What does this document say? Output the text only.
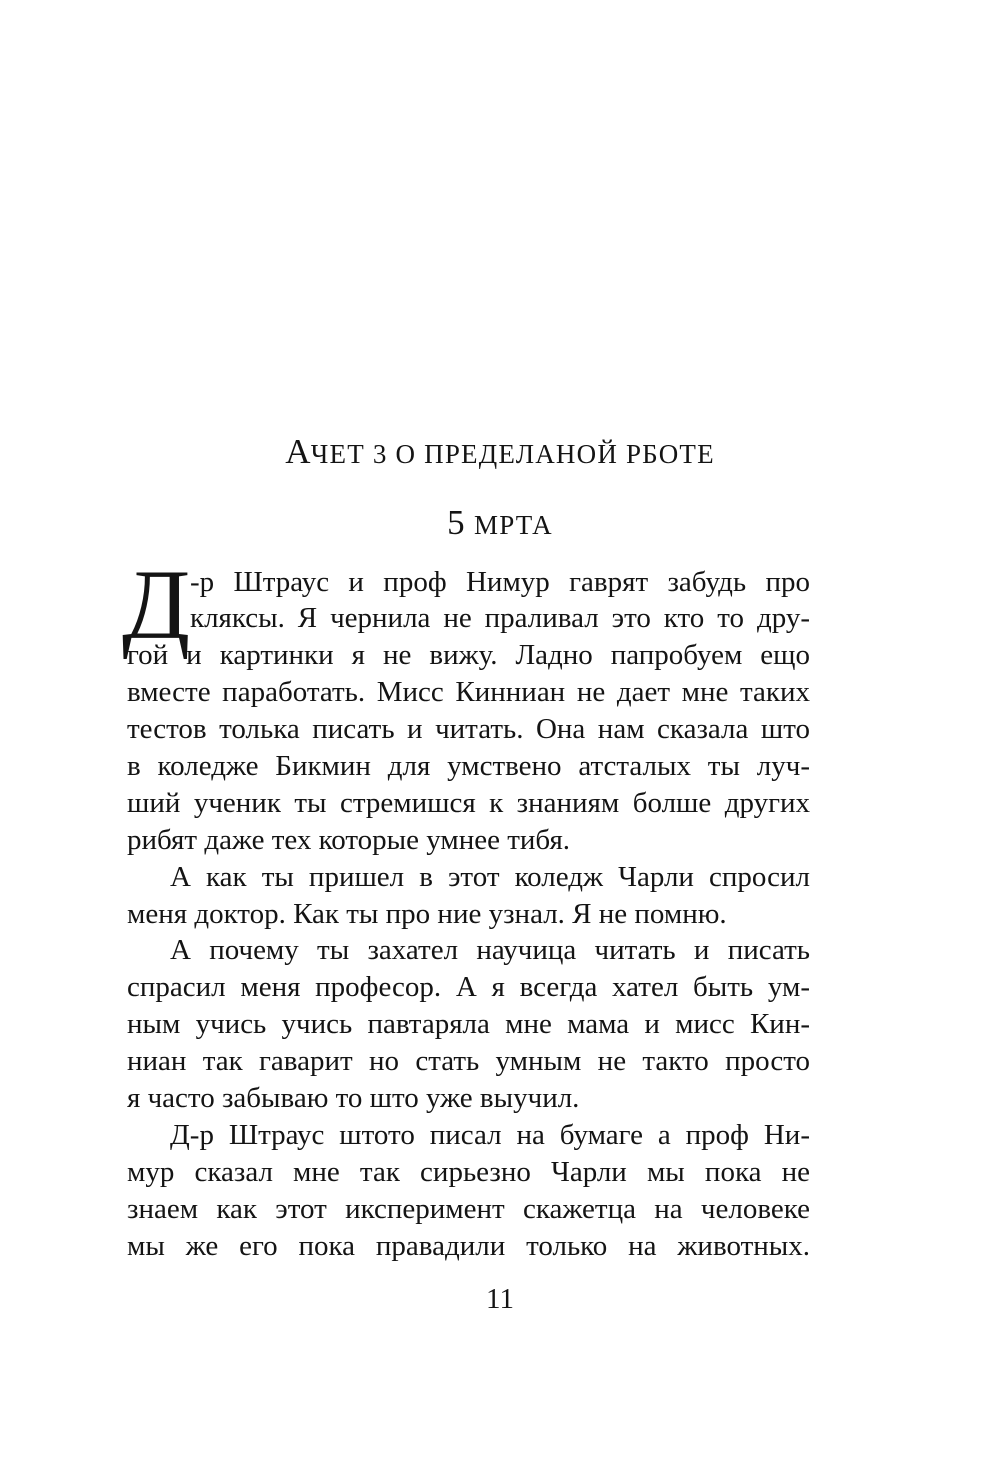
АЧЕТ 3 О ПРЕДЕЛАНОЙ РБОТЕ
5 МРТА
Д -р Штраус и проф Нимур гаврят забудь про
кляксы. Я чернила не праливал это кто то дру-
гой и картинки я не вижу. Ладно папробуем ещо
вместе паработать. Мисс Кинниан не дает мне таких
тестов толька писать и читать. Она нам сказала што
в коледже Бикмин для умствено атсталых ты луч-
ший ученик ты стремишся к знаниям болше других
рибят даже тех которые умнее тибя.
А как ты пришел в этот коледж Чарли спросил
меня доктор. Как ты про ние узнал. Я не помню.
А почему ты захател научица читать и писать
спрасил меня професор. А я всегда хател быть ум-
ным учись учись павтаряла мне мама и мисс Кин-
ниан так гаварит но стать умным не такто просто
я часто забываю то што уже выучил.
Д-р Штраус штото писал на бумаге а проф Ни-
мур сказал мне так сирьезно Чарли мы пока не
знаем как этот иксперимент скажетца на человеке
мы же его пока правадили только на животных.
11
